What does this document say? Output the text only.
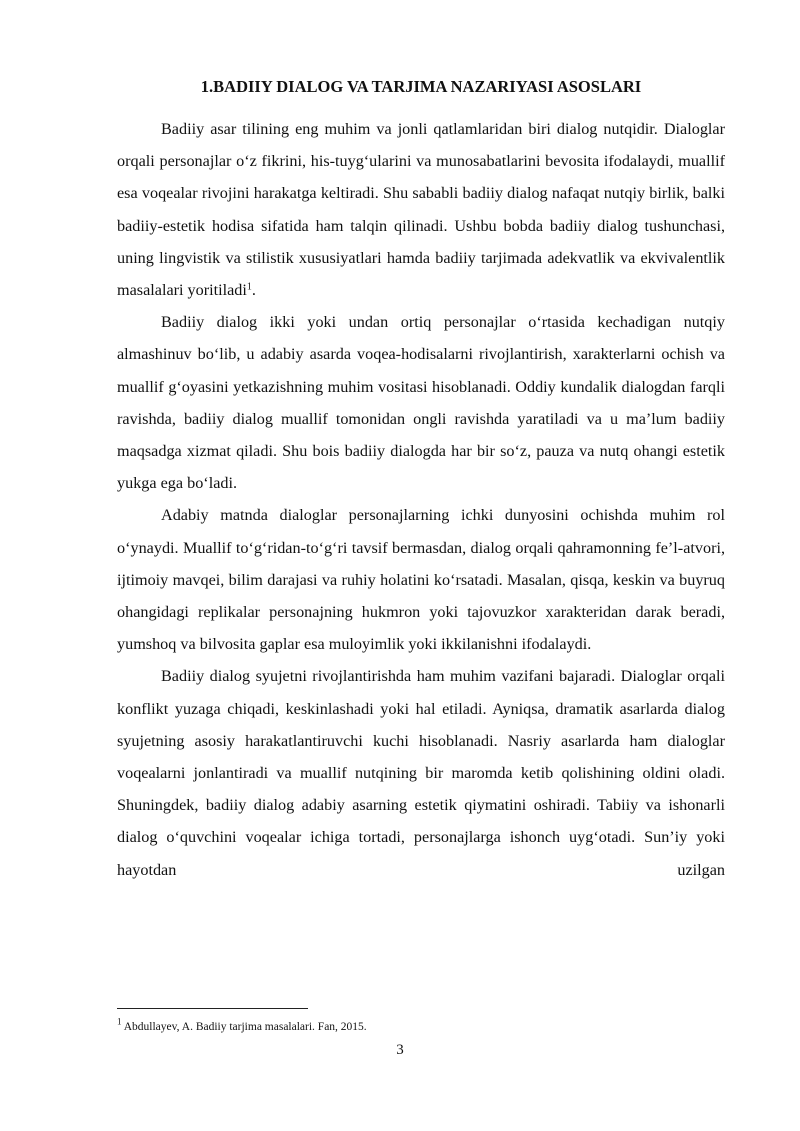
1.BADIIY DIALOG VA TARJIMA NAZARIYASI ASOSLARI

Badiiy asar tilining eng muhim va jonli qatlamlaridan biri dialog nutqidir. Dialoglar orqali personajlar o‘z fikrini, his-tuyg‘ularini va munosabatlarini bevosita ifodalaydi, muallif esa voqealar rivojini harakatga keltiradi. Shu sababli badiiy dialog nafaqat nutqiy birlik, balki badiiy-estetik hodisa sifatida ham talqin qilinadi. Ushbu bobda badiiy dialog tushunchasi, uning lingvistik va stilistik xususiyatlari hamda badiiy tarjimada adekvatlik va ekvivalentlik masalalari yoritiladi$^1$.

Badiiy dialog ikki yoki undan ortiq personajlar o‘rtasida kechadigan nutqiy almashinuv bo‘lib, u adabiy asarda voqea-hodisalarni rivojlantirish, xarakterlarni ochish va muallif g‘oyasini yetkazishning muhim vositasi hisoblanadi. Oddiy kundalik dialogdan farqli ravishda, badiiy dialog muallif tomonidan ongli ravishda yaratiladi va u ma’lum badiiy maqsadga xizmat qiladi. Shu bois badiiy dialogda har bir so‘z, pauza va nutq ohangi estetik yukga ega bo‘ladi.

Adabiy matnda dialoglar personajlarning ichki dunyosini ochishda muhim rol o‘ynaydi. Muallif to‘g‘ridan-to‘g‘ri tavsif bermasdan, dialog orqali qahramonning fe’l-atvori, ijtimoiy mavqei, bilim darajasi va ruhiy holatini ko‘rsatadi. Masalan, qisqa, keskin va buyruq ohangidagi replikalar personajning hukmron yoki tajovuzkor xarakteridan darak beradi, yumshoq va bilvosita gaplar esa muloyimlik yoki ikkilanishni ifodalaydi.

Badiiy dialog syujetni rivojlantirishda ham muhim vazifani bajaradi. Dialoglar orqali konflikt yuzaga chiqadi, keskinlashadi yoki hal etiladi. Ayniqsa, dramatik asarlarda dialog syujetning asosiy harakatlantiruvchi kuchi hisoblanadi. Nasriy asarlarda ham dialoglar voqealarni jonlantiradi va muallif nutqining bir maromda ketib qolishining oldini oladi. Shuningdek, badiiy dialog adabiy asarning estetik qiymatini oshiradi. Tabiiy va ishonarli dialog o‘quvchini voqealar ichiga tortadi, personajlarga ishonch uyg‘otadi. Sun’iy yoki hayotdan uzilgan

$^1$ Abdullayev, A. Badiiy tarjima masalalari. Fan, 2015.
3
